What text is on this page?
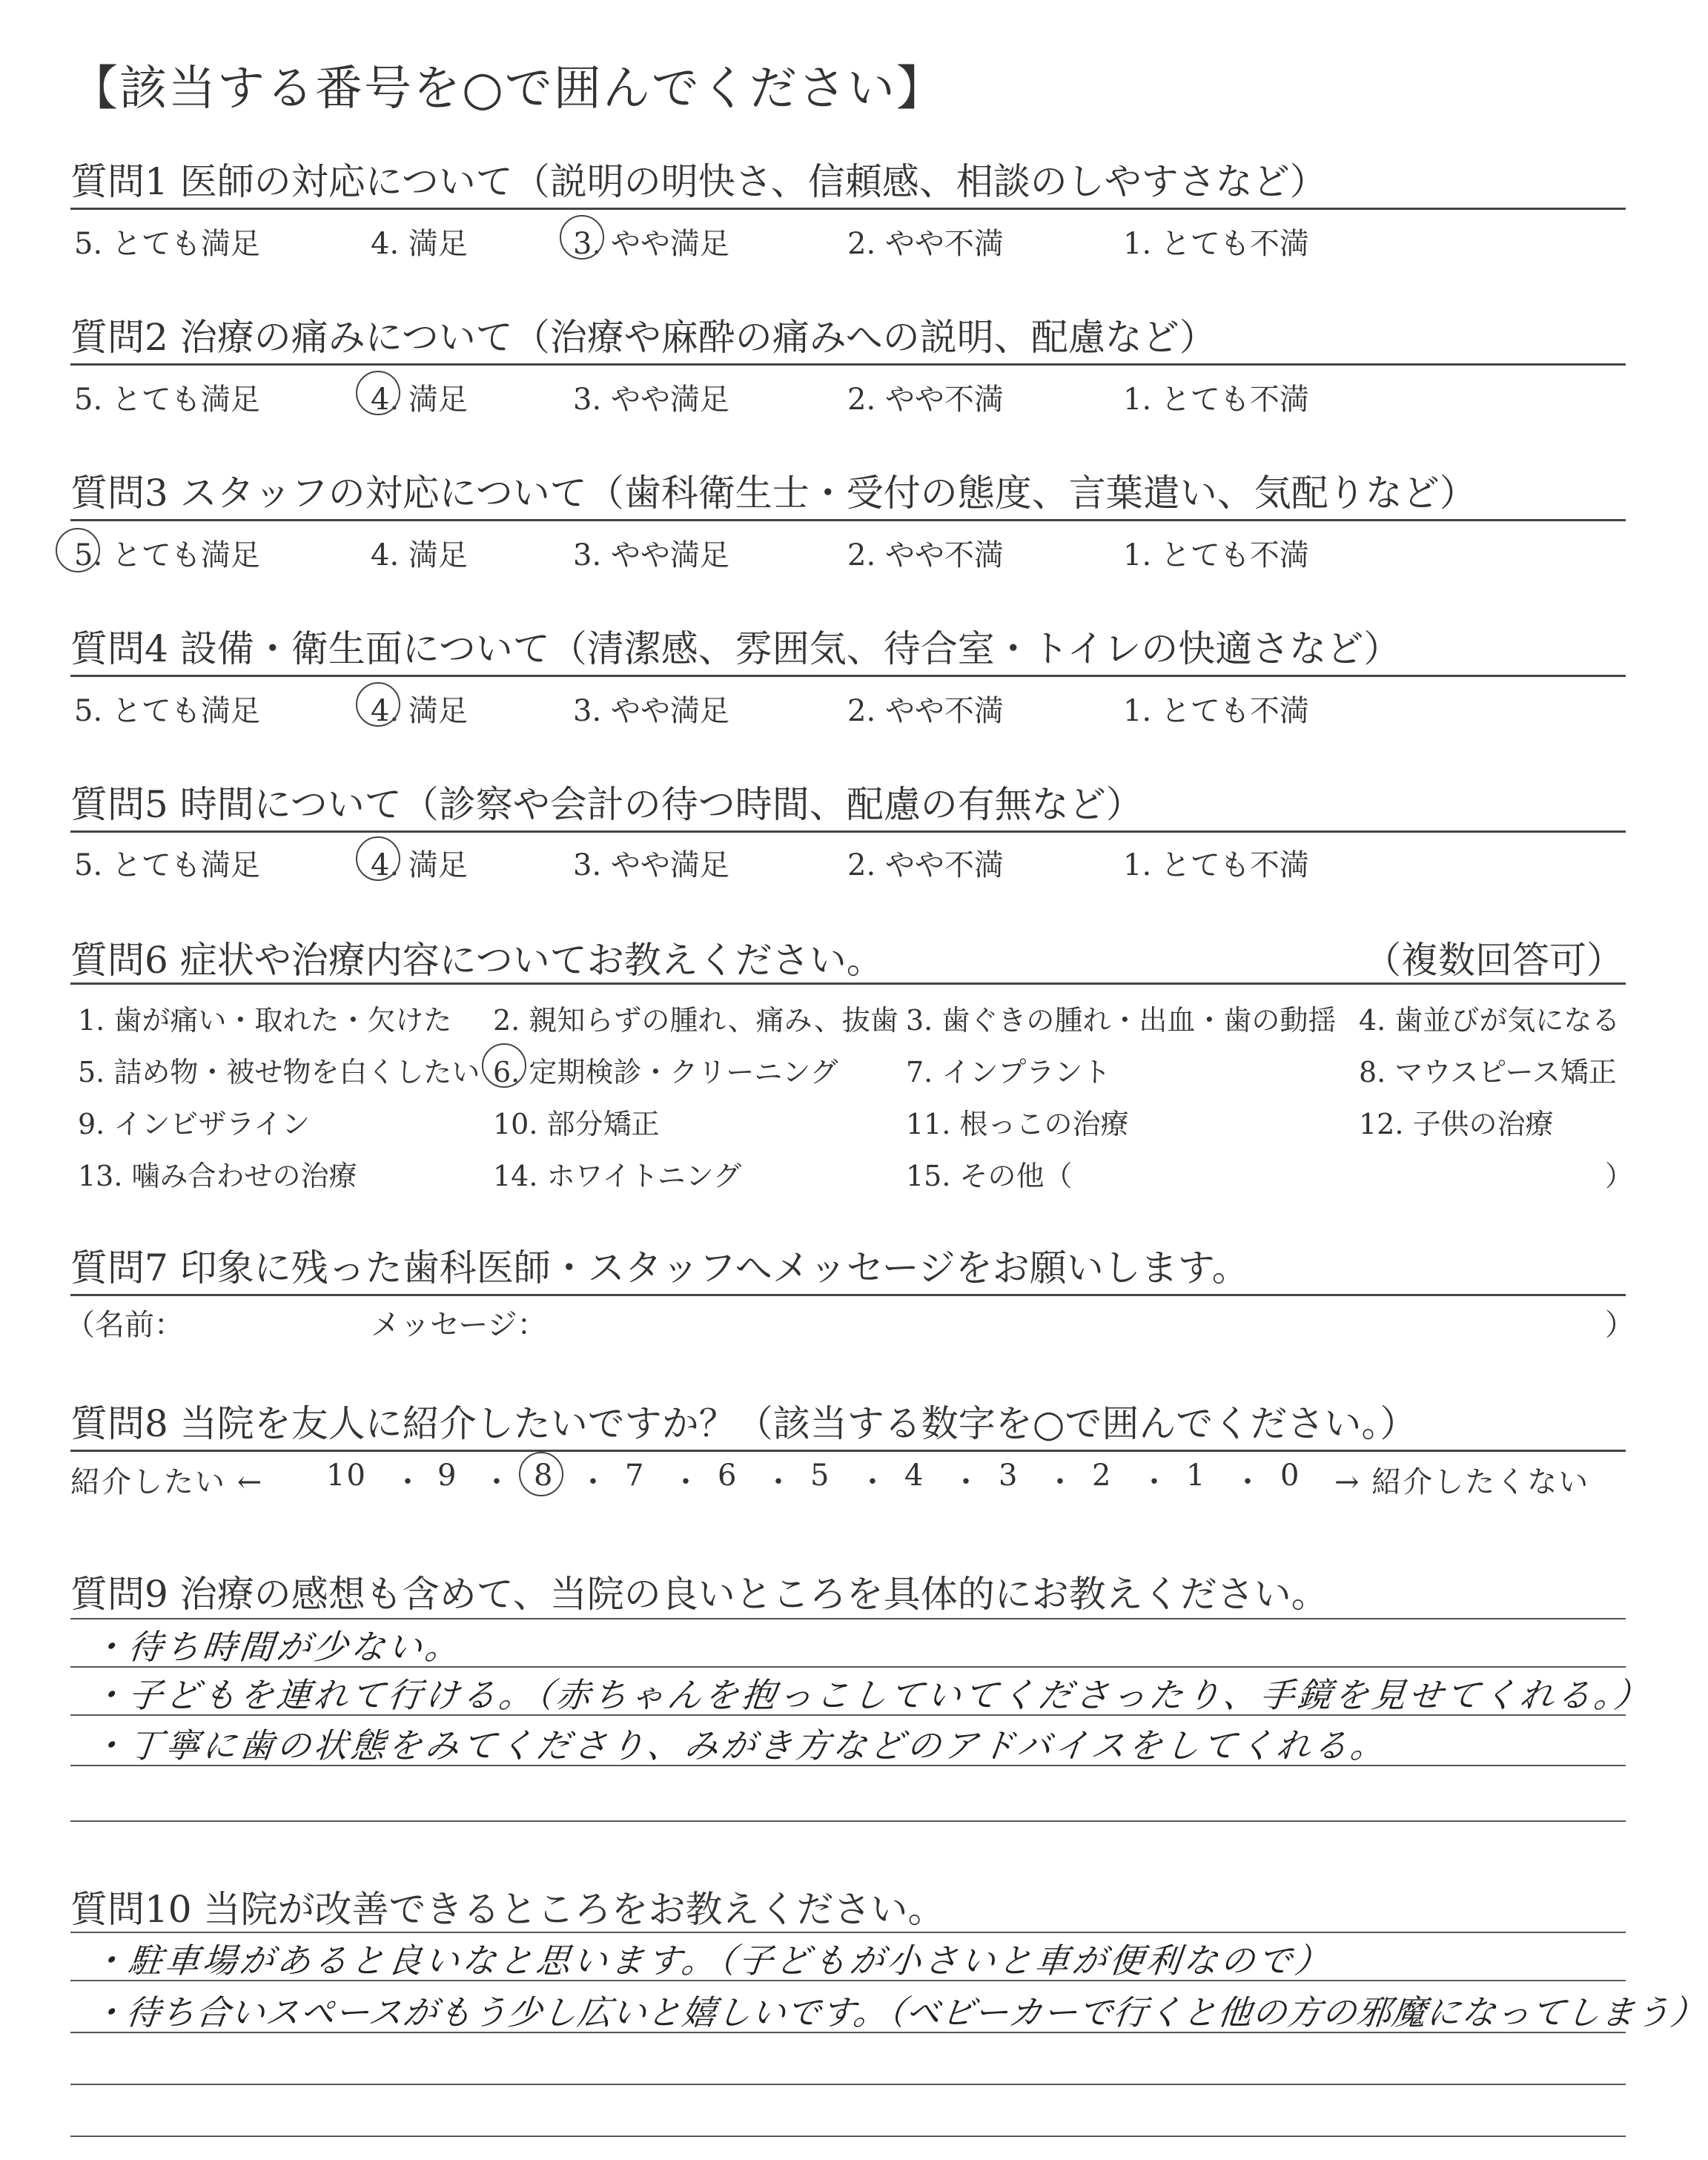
【該当する番号を○で囲んでください】
質問1 医師の対応について（説明の明快さ、信頼感、相談のしやすさなど）
5. とても満足	4. 満足	3. やや満足	2. やや不満	1. とても不満
質問2 治療の痛みについて（治療や麻酔の痛みへの説明、配慮など）
5. とても満足	4. 満足	3. やや満足	2. やや不満	1. とても不満
質問3 スタッフの対応について（歯科衛生士・受付の態度、言葉遣い、気配りなど）
5. とても満足	4. 満足	3. やや満足	2. やや不満	1. とても不満
質問4 設備・衛生面について（清潔感、雰囲気、待合室・トイレの快適さなど）
5. とても満足	4. 満足	3. やや満足	2. やや不満	1. とても不満
質問5 時間について（診察や会計の待つ時間、配慮の有無など）
5. とても満足	4. 満足	3. やや満足	2. やや不満	1. とても不満
質問6 症状や治療内容についてお教えください。	（複数回答可）
1. 歯が痛い・取れた・欠けた 2. 親知らずの腫れ、痛み、抜歯 3. 歯ぐきの腫れ・出血・歯の動揺 4. 歯並びが気になる
5. 詰め物・被せ物を白くしたい 6. 定期検診・クリーニング 7. インプラント	8. マウスピース矯正
9. インビザライン	10. 部分矯正	11. 根っこの治療	12. 子供の治療
13. 噛み合わせの治療	14. ホワイトニング	15. その他（	）
質問7 印象に残った歯科医師・スタッフへメッセージをお願いします。
（名前：	メッセージ：	）
質問8 当院を友人に紹介したいですか？（該当する数字を○で囲んでください。）
紹介したい ← 10 ・ 9 ・ 8 ・ 7 ・ 6 ・ 5 ・ 4 ・ 3 ・ 2 ・ 1 ・ 0 → 紹介したくない
質問9 治療の感想も含めて、当院の良いところを具体的にお教えください。
・待ち時間が少ない。
・子どもを連れて行ける。（赤ちゃんを抱っこしていてくださったり、手鏡を見せてくれる。）
・丁寧に歯の状態をみてくださり、みがき方などのアドバイスをしてくれる。
質問10 当院が改善できるところをお教えください。
・駐車場があると良いなと思います。（子どもが小さいと車が便利なので）
・待ち合いスペースがもう少し広いと嬉しいです。（ベビーカーで行くと他の方の邪魔になってしまう）
